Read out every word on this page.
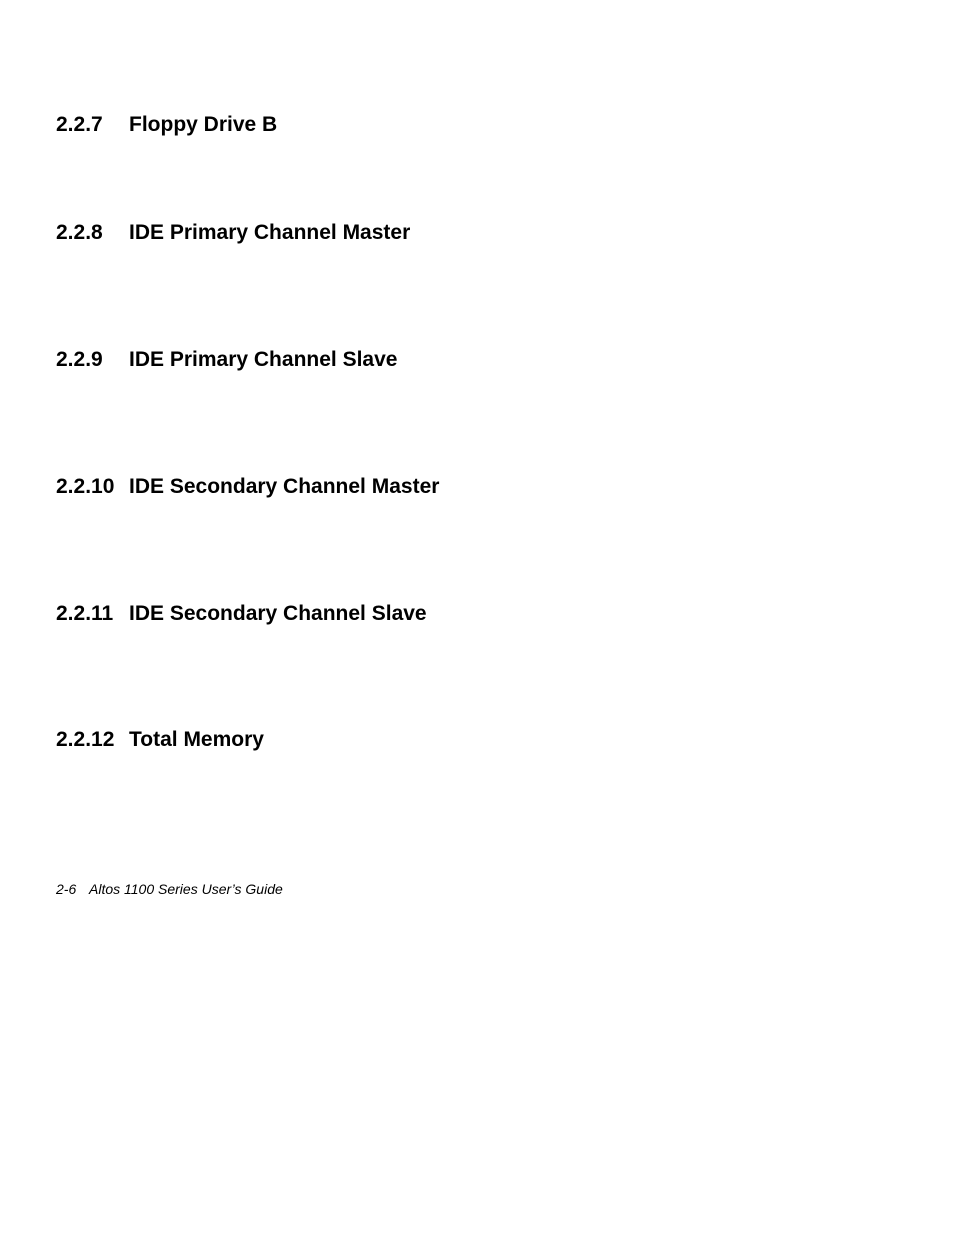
2.2.7 Floppy Drive B
2.2.8 IDE Primary Channel Master
2.2.9 IDE Primary Channel Slave
2.2.10 IDE Secondary Channel Master
2.2.11 IDE Secondary Channel Slave
2.2.12 Total Memory

2-6 Altos 1100 Series User’s Guide
